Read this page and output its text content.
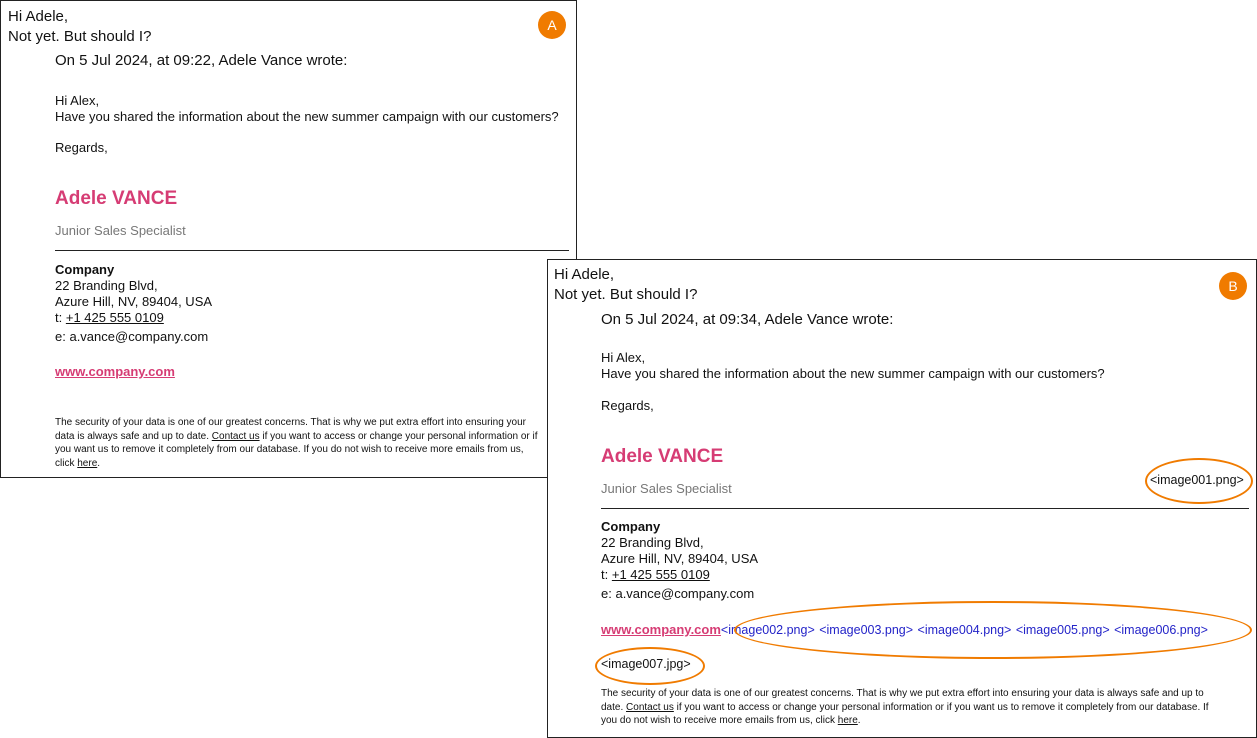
Hi Adele,
Not yet. But should I?
A
On 5 Jul 2024, at 09:22, Adele Vance wrote:
Hi Alex,
Have you shared the information about the new summer campaign with our customers?
Regards,
Adele VANCE
Junior Sales Specialist
Company
22 Branding Blvd,
Azure Hill, NV, 89404, USA
t: +1 425 555 0109
e: a.vance@company.com
www.company.com
The security of your data is one of our greatest concerns. That is why we put extra effort into ensuring your
data is always safe and up to date. Contact us if you want to access or change your personal information or if
you want us to remove it completely from our database. If you do not wish to receive more emails from us,
click here.
Hi Adele,
Not yet. But should I?	B
On 5 Jul 2024, at 09:34, Adele Vance wrote:
Hi Alex,
Have you shared the information about the new summer campaign with our customers?
Regards,
Adele VANCE
Junior Sales Specialist
<image001.png>
Company
22 Branding Blvd,
Azure Hill, NV, 89404, USA
t: +1 425 555 0109
e: a.vance@company.com
www.company.com<image002.png> <image003.png> <image004.png> <image005.png> <image006.png>
<image007.jpg>
The security of your data is one of our greatest concerns. That is why we put extra effort into ensuring your data is always safe and up to
date. Contact us if you want to access or change your personal information or if you want us to remove it completely from our database. If
you do not wish to receive more emails from us, click here.
